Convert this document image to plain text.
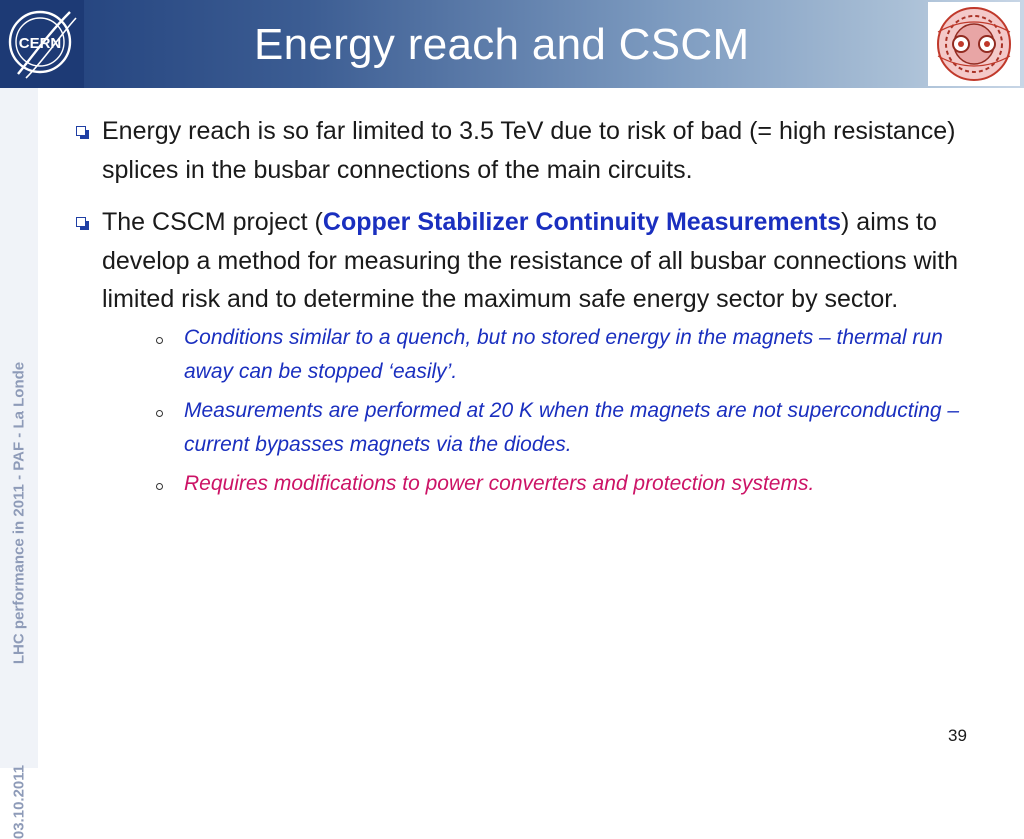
CERN	Energy reach and CSCM
LHC performance in 2011 - PAF - La Londe
03.10.2011
Energy reach is so far limited to 3.5 TeV due to risk of bad (= high resistance) splices in the busbar connections of the main circuits.
The CSCM project (Copper Stabilizer Continuity Measurements) aims to develop a method for measuring the resistance of all busbar connections with limited risk and to determine the maximum safe energy sector by sector.
Conditions similar to a quench, but no stored energy in the magnets – thermal run away can be stopped ‘easily’.
Measurements are performed at 20 K when the magnets are not superconducting – current bypasses magnets via the diodes.
Requires modifications to power converters and protection systems.
39
